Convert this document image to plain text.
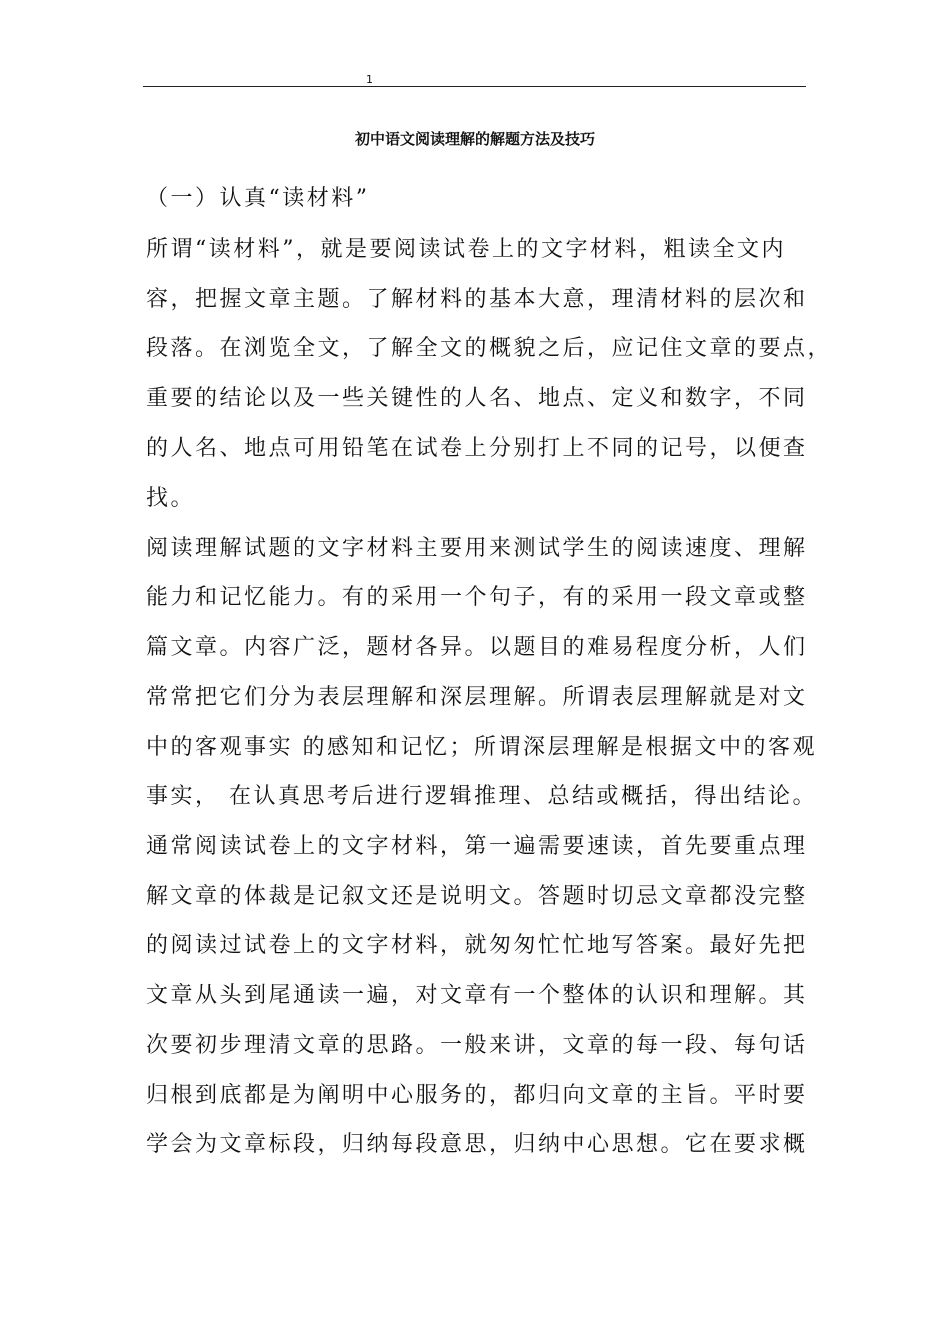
1
初中语文阅读理解的解题方法及技巧
（一）认真“读材料”
所谓“读材料”，就是要阅读试卷上的文字材料，粗读全文内
容，把握文章主题。了解材料的基本大意，理清材料的层次和
段落。在浏览全文，了解全文的概貌之后，应记住文章的要点，
重要的结论以及一些关键性的人名、地点、定义和数字，不同
的人名、地点可用铅笔在试卷上分别打上不同的记号，以便查
找。
阅读理解试题的文字材料主要用来测试学生的阅读速度、理解
能力和记忆能力。有的采用一个句子，有的采用一段文章或整
篇文章。内容广泛，题材各异。以题目的难易程度分析，人们
常常把它们分为表层理解和深层理解。所谓表层理解就是对文
中的客观事实 的感知和记忆；所谓深层理解是根据文中的客观
事实， 在认真思考后进行逻辑推理、总结或概括，得出结论。
通常阅读试卷上的文字材料，第一遍需要速读，首先要重点理
解文章的体裁是记叙文还是说明文。答题时切忌文章都没完整
的阅读过试卷上的文字材料，就匆匆忙忙地写答案。最好先把
文章从头到尾通读一遍，对文章有一个整体的认识和理解。其
次要初步理清文章的思路。一般来讲，文章的每一段、每句话
归根到底都是为阐明中心服务的，都归向文章的主旨。平时要
学会为文章标段，归纳每段意思，归纳中心思想。它在要求概
